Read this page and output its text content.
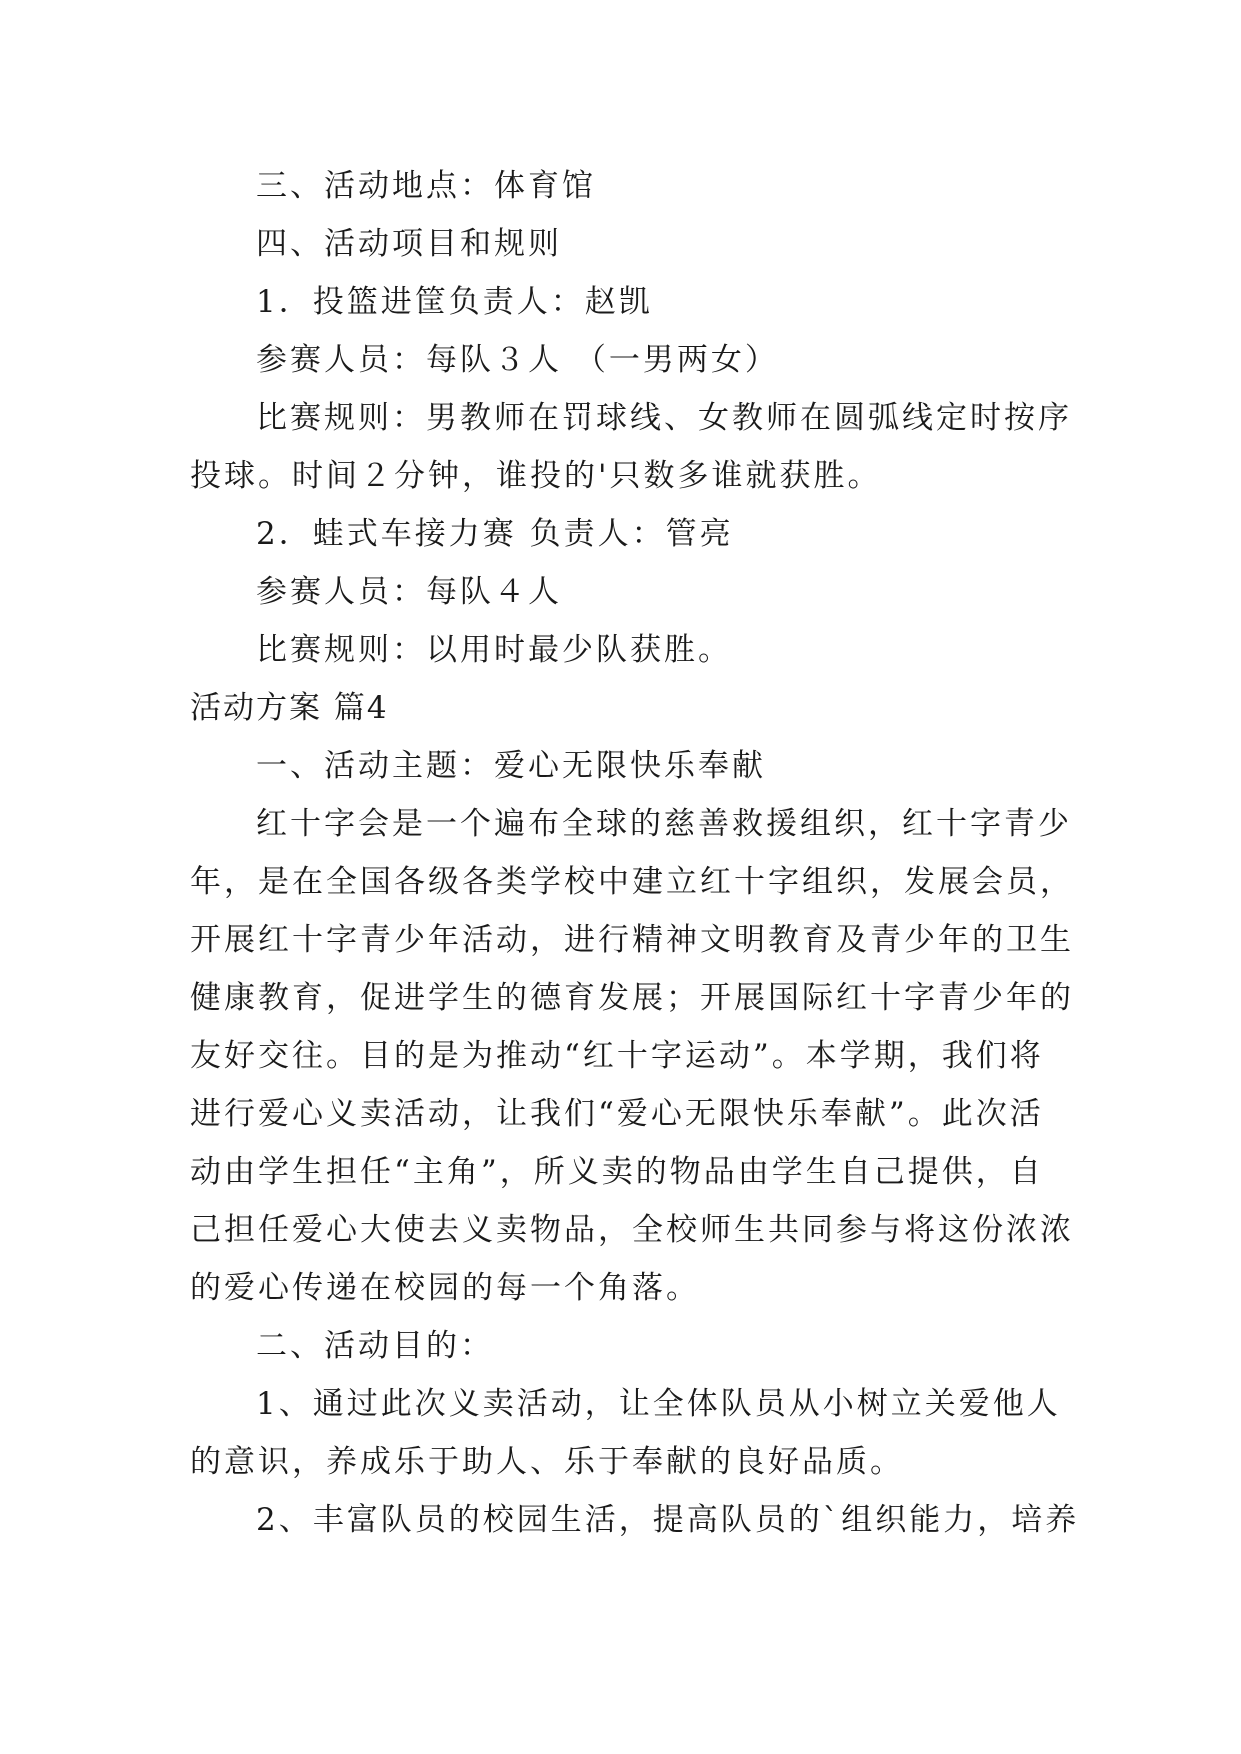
三、活动地点：体育馆
四、活动项目和规则
1．投篮进筐负责人：赵凯
参赛人员：每队３人 （一男两女）
比赛规则：男教师在罚球线、女教师在圆弧线定时按序
投球。时间２分钟，谁投的'只数多谁就获胜。
2．蛙式车接力赛 负责人：管亮
参赛人员：每队４人
比赛规则：以用时最少队获胜。
活动方案 篇4
一、活动主题：爱心无限快乐奉献
红十字会是一个遍布全球的慈善救援组织，红十字青少
年，是在全国各级各类学校中建立红十字组织，发展会员，
开展红十字青少年活动，进行精神文明教育及青少年的卫生
健康教育，促进学生的德育发展；开展国际红十字青少年的
友好交往。目的是为推动“红十字运动”。本学期，我们将
进行爱心义卖活动，让我们“爱心无限快乐奉献”。此次活
动由学生担任“主角”，所义卖的物品由学生自己提供，自
己担任爱心大使去义卖物品，全校师生共同参与将这份浓浓
的爱心传递在校园的每一个角落。
二、活动目的：
1、通过此次义卖活动，让全体队员从小树立关爱他人
的意识，养成乐于助人、乐于奉献的良好品质。
2、丰富队员的校园生活，提高队员的`组织能力，培养
